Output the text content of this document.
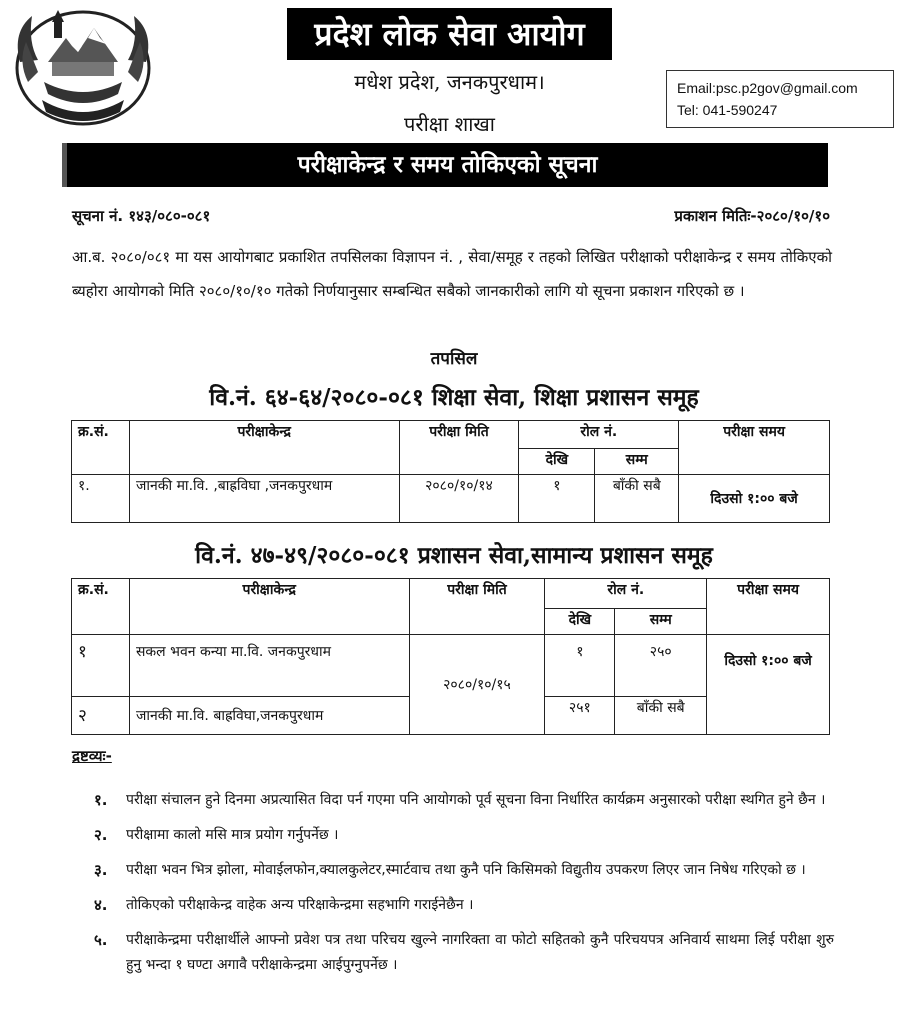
प्रदेश लोक सेवा आयोग
मधेश प्रदेश, जनकपुरधाम।
परीक्षा शाखा
Email:psc.p2gov@gmail.com
Tel: 041-590247
परीक्षाकेन्द्र र समय तोकिएको सूचना
सूचना नं. १४३/०८०-०८१	प्रकाशन मितिः-२०८०/१०/१०
आ.ब. २०८०/०८१ मा यस आयोगबाट प्रकाशित तपसिलका विज्ञापन नं. , सेवा/समूह र तहको लिखित परीक्षाको परीक्षाकेन्द्र र समय तोकिएको ब्यहोरा आयोगको मिति २०८०/१०/१० गतेको निर्णयानुसार सम्बन्धित सबैको जानकारीको लागि यो सूचना प्रकाशन गरिएको छ ।
तपसिल
वि.नं. ६४-६४/२०८०-०८१ शिक्षा सेवा, शिक्षा प्रशासन समूह
क्र.सं.	परीक्षाकेन्द्र	परीक्षा मिति	रोल नं.		परीक्षा समय
			देखि	सम्म	
१.	जानकी मा.वि. ,बाह्रविघा ,जनकपुरधाम	२०८०/१०/१४	१	बाँकी सबै	दिउसो १:०० बजे
वि.नं. ४७-४९/२०८०-०८१ प्रशासन सेवा,सामान्य प्रशासन समूह
क्र.सं.	परीक्षाकेन्द्र	परीक्षा मिति	रोल नं.		परीक्षा समय
			देखि	सम्म	
१	सकल भवन कन्या मा.वि. जनकपुरधाम	२०८०/१०/१५	१	२५०	दिउसो १:०० बजे
२	जानकी मा.वि. बाह्रविघा,जनकपुरधाम		२५१	बाँकी सबै	
द्रष्टव्यः-
१.	परीक्षा संचालन हुने दिनमा अप्रत्यासित विदा पर्न गएमा पनि आयोगको पूर्व सूचना विना निर्धारित कार्यक्रम अनुसारको परीक्षा स्थगित हुने छैन ।
२.	परीक्षामा कालो मसि मात्र प्रयोग गर्नुपर्नेछ ।
३.	परीक्षा भवन भित्र झोला, मोवाईलफोन,क्यालकुलेटर,स्मार्टवाच तथा कुनै पनि किसिमको विद्युतीय उपकरण लिएर जान निषेध गरिएको छ ।
४.	तोकिएको परीक्षाकेन्द्र वाहेक अन्य परिक्षाकेन्द्रमा सहभागि गराईनेछैन ।
५.	परीक्षाकेन्द्रमा परीक्षार्थीले आफ्नो प्रवेश पत्र तथा परिचय खुल्ने नागरिक्ता वा फोटो सहितको कुनै परिचयपत्र अनिवार्य साथमा लिई परीक्षा शुरु हुनु भन्दा १ घण्टा अगावै परीक्षाकेन्द्रमा आईपुग्नुपर्नेछ ।
